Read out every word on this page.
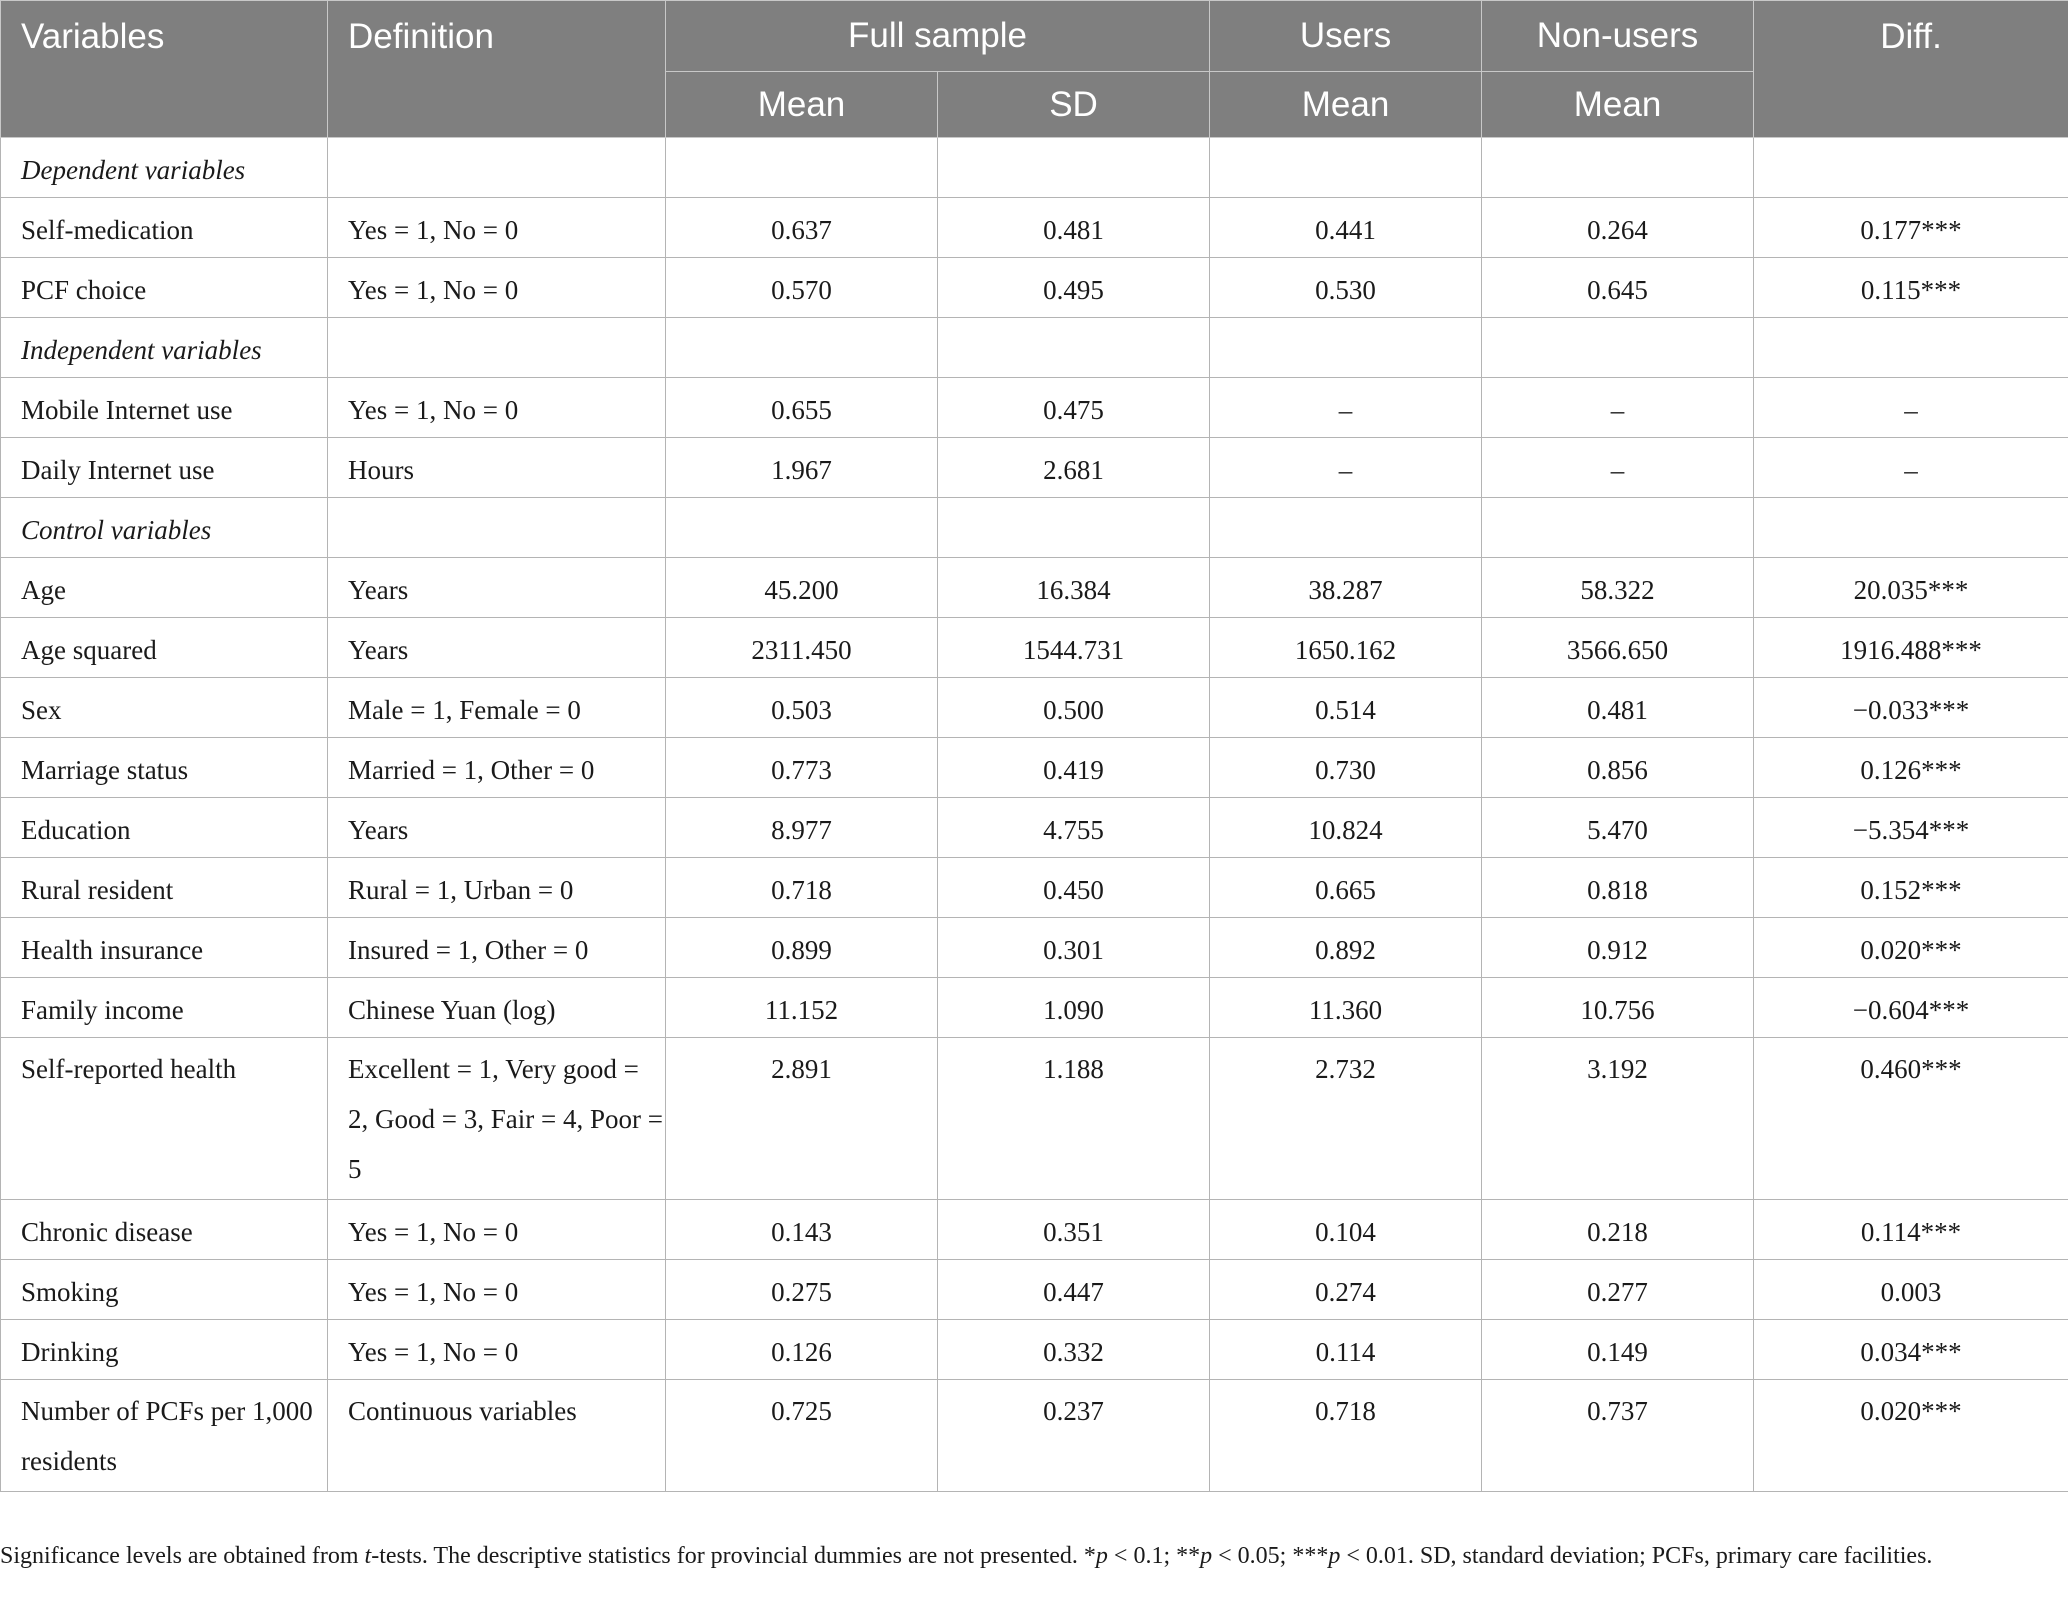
Variables	Definition	Full sample		Users	Non-users	Diff.
		Mean	SD	Mean	Mean	
Dependent variables						
Self-medication	Yes = 1, No = 0	0.637	0.481	0.441	0.264	0.177***
PCF choice	Yes = 1, No = 0	0.570	0.495	0.530	0.645	0.115***
Independent variables						
Mobile Internet use	Yes = 1, No = 0	0.655	0.475	–	–	–
Daily Internet use	Hours	1.967	2.681	–	–	–
Control variables						
Age	Years	45.200	16.384	38.287	58.322	20.035***
Age squared	Years	2311.450	1544.731	1650.162	3566.650	1916.488***
Sex	Male = 1, Female = 0	0.503	0.500	0.514	0.481	−0.033***
Marriage status	Married = 1, Other = 0	0.773	0.419	0.730	0.856	0.126***
Education	Years	8.977	4.755	10.824	5.470	−5.354***
Rural resident	Rural = 1, Urban = 0	0.718	0.450	0.665	0.818	0.152***
Health insurance	Insured = 1, Other = 0	0.899	0.301	0.892	0.912	0.020***
Family income	Chinese Yuan (log)	11.152	1.090	11.360	10.756	−0.604***
Self-reported health	Excellent = 1, Very good = 2, Good = 3, Fair = 4, Poor = 5	2.891	1.188	2.732	3.192	0.460***
Chronic disease	Yes = 1, No = 0	0.143	0.351	0.104	0.218	0.114***
Smoking	Yes = 1, No = 0	0.275	0.447	0.274	0.277	0.003
Drinking	Yes = 1, No = 0	0.126	0.332	0.114	0.149	0.034***
Number of PCFs per 1,000 residents	Continuous variables	0.725	0.237	0.718	0.737	0.020***
Significance levels are obtained from t-tests. The descriptive statistics for provincial dummies are not presented. *p < 0.1; **p < 0.05; ***p < 0.01. SD, standard deviation; PCFs, primary care facilities.
